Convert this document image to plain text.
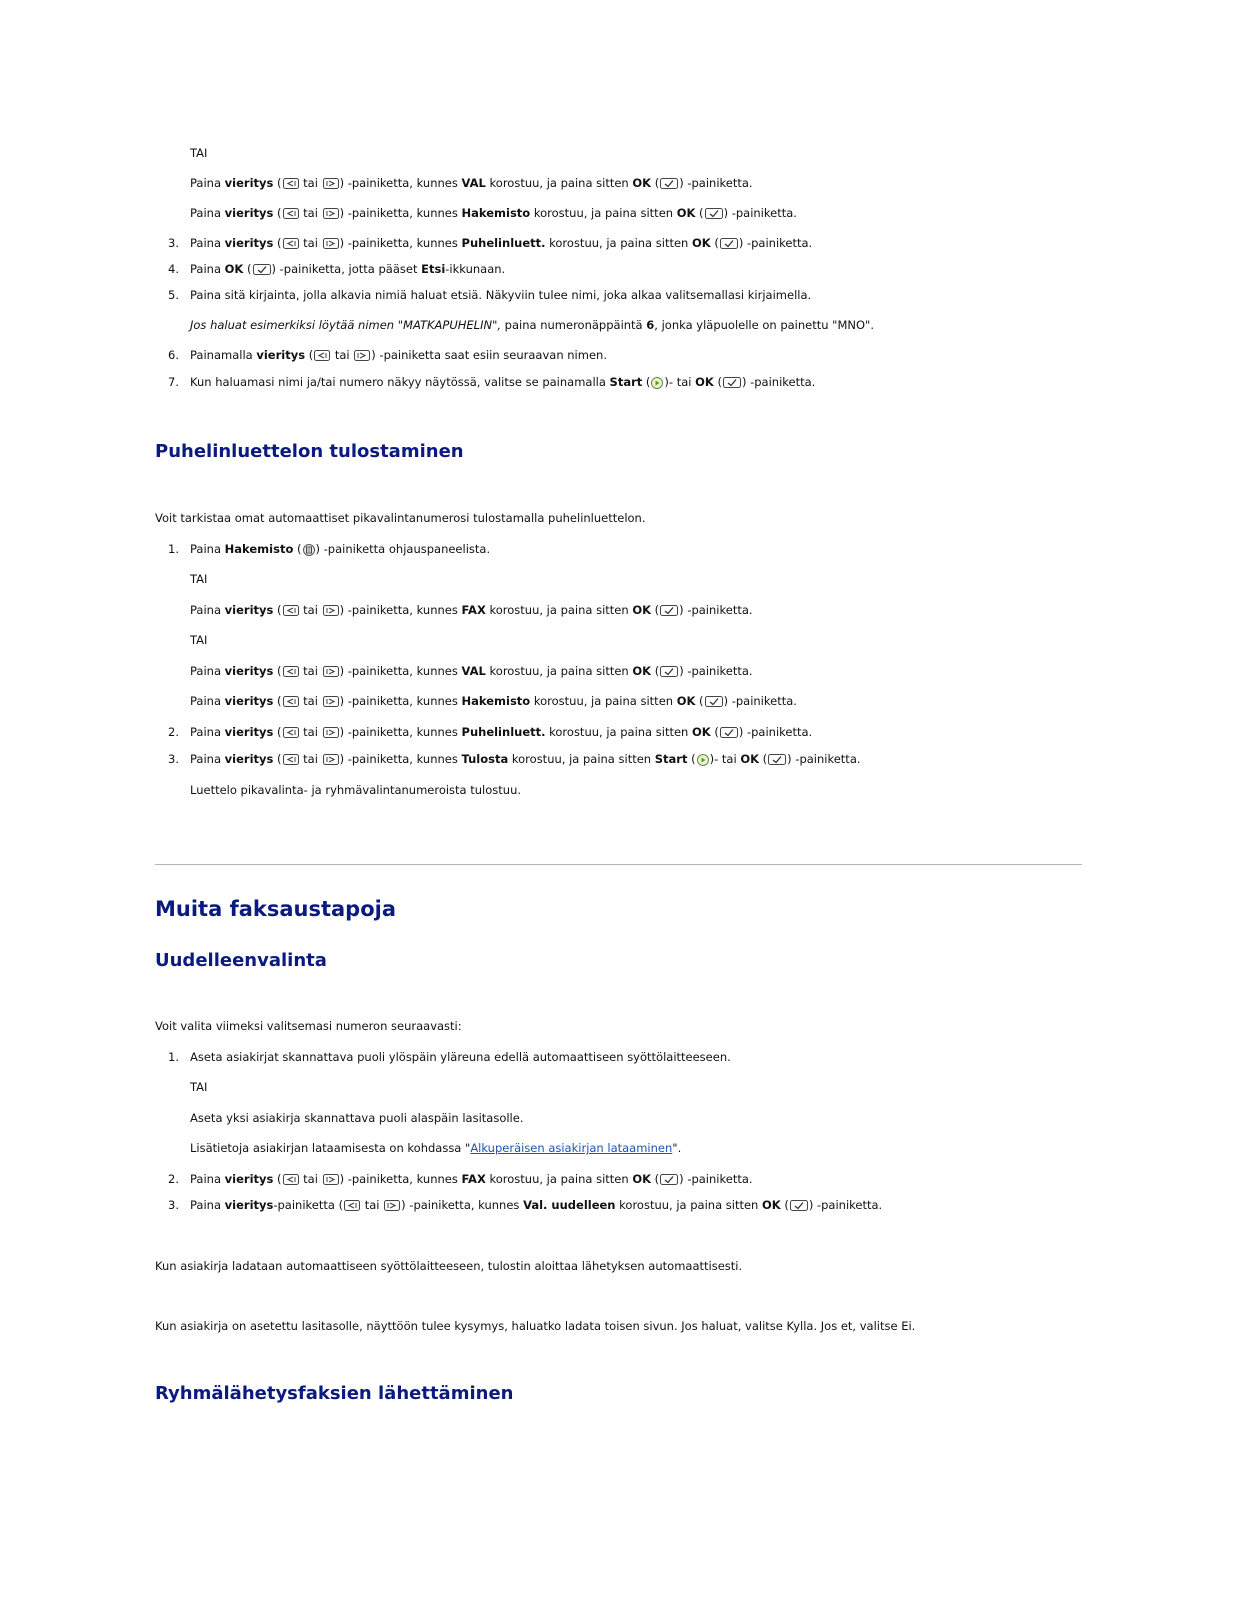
TAI
Paina vieritys ( tai ) -painiketta, kunnes VAL korostuu, ja paina sitten OK ( ) -painiketta.
Paina vieritys ( tai ) -painiketta, kunnes Hakemisto korostuu, ja paina sitten OK ( ) -painiketta.
3. Paina vieritys ( tai ) -painiketta, kunnes Puhelinluett. korostuu, ja paina sitten OK ( ) -painiketta.
4. Paina OK ( ) -painiketta, jotta pääset Etsi-ikkunaan.
5. Paina sitä kirjainta, jolla alkavia nimiä haluat etsiä. Näkyviin tulee nimi, joka alkaa valitsemallasi kirjaimella.
Jos haluat esimerkiksi löytää nimen "MATKAPUHELIN", paina numeronäppäintä 6, jonka yläpuolelle on painettu "MNO".
6. Painamalla vieritys ( tai ) -painiketta saat esiin seuraavan nimen.
7. Kun haluamasi nimi ja/tai numero näkyy näytössä, valitse se painamalla Start ( )- tai OK ( ) -painiketta.
Puhelinluettelon tulostaminen
Voit tarkistaa omat automaattiset pikavalintanumerosi tulostamalla puhelinluettelon.
1. Paina Hakemisto ( ) -painiketta ohjauspaneelista.
TAI
Paina vieritys ( tai ) -painiketta, kunnes FAX korostuu, ja paina sitten OK ( ) -painiketta.
TAI
Paina vieritys ( tai ) -painiketta, kunnes VAL korostuu, ja paina sitten OK ( ) -painiketta.
Paina vieritys ( tai ) -painiketta, kunnes Hakemisto korostuu, ja paina sitten OK ( ) -painiketta.
2. Paina vieritys ( tai ) -painiketta, kunnes Puhelinluett. korostuu, ja paina sitten OK ( ) -painiketta.
3. Paina vieritys ( tai ) -painiketta, kunnes Tulosta korostuu, ja paina sitten Start ( )- tai OK ( ) -painiketta.
Luettelo pikavalinta- ja ryhmävalintanumeroista tulostuu.
Muita faksaustapoja
Uudelleenvalinta
Voit valita viimeksi valitsemasi numeron seuraavasti:
1. Aseta asiakirjat skannattava puoli ylöspäin yläreuna edellä automaattiseen syöttölaitteeseen.
TAI
Aseta yksi asiakirja skannattava puoli alaspäin lasitasolle.
Lisätietoja asiakirjan lataamisesta on kohdassa "Alkuperäisen asiakirjan lataaminen".
2. Paina vieritys ( tai ) -painiketta, kunnes FAX korostuu, ja paina sitten OK ( ) -painiketta.
3. Paina vieritys-painiketta ( tai ) -painiketta, kunnes Val. uudelleen korostuu, ja paina sitten OK ( ) -painiketta.
Kun asiakirja ladataan automaattiseen syöttölaitteeseen, tulostin aloittaa lähetyksen automaattisesti.
Kun asiakirja on asetettu lasitasolle, näyttöön tulee kysymys, haluatko ladata toisen sivun. Jos haluat, valitse Kylla. Jos et, valitse Ei.
Ryhmälähetysfaksien lähettäminen
